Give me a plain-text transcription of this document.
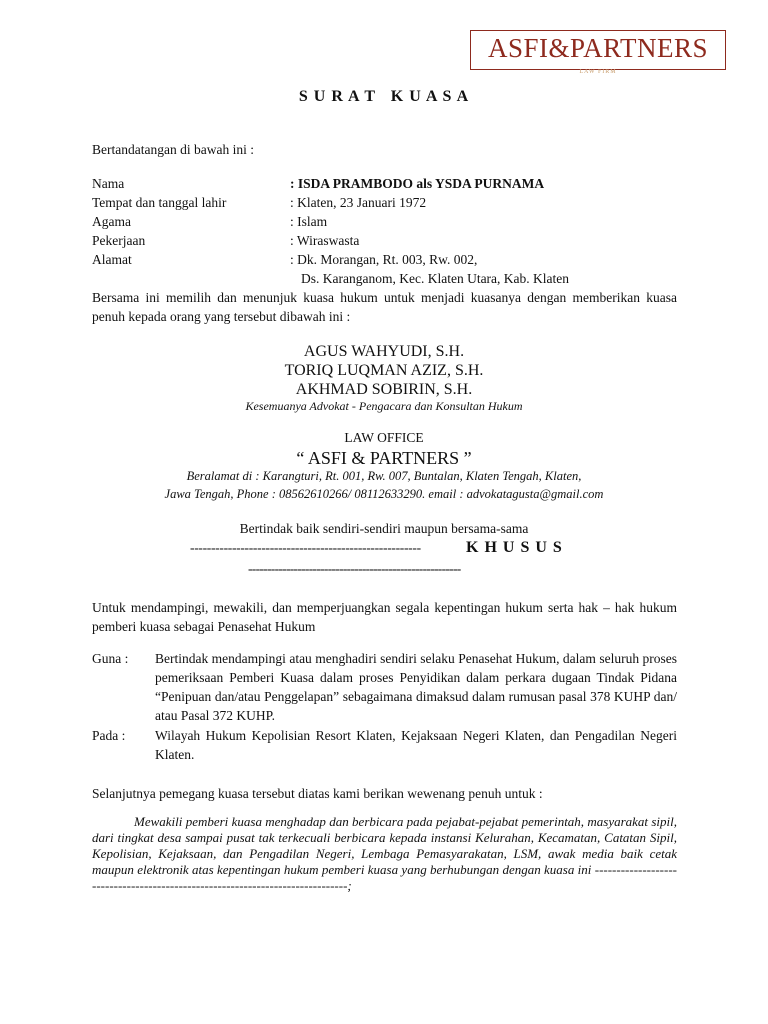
ASFI&PARTNERS
LAW FIRM
S U R A T   K U A S A
Bertandatangan di bawah ini :
Nama	: ISDA PRAMBODO als YSDA PURNAMA
Tempat dan tanggal lahir	: Klaten, 23 Januari 1972
Agama	: Islam
Pekerjaan	: Wiraswasta
Alamat	: Dk. Morangan, Rt. 003, Rw. 002,
Ds. Karanganom, Kec. Klaten Utara, Kab. Klaten
Bersama ini memilih dan menunjuk kuasa hukum untuk menjadi kuasanya dengan memberikan kuasa penuh kepada orang yang tersebut dibawah ini :
AGUS WAHYUDI, S.H.
TORIQ LUQMAN AZIZ, S.H.
AKHMAD SOBIRIN, S.H.
Kesemuanya Advokat - Pengacara dan Konsultan Hukum
LAW OFFICE
“ ASFI & PARTNERS ”
Beralamat di : Karangturi, Rt. 001, Rw. 007, Buntalan, Klaten Tengah, Klaten,
Jawa Tengah, Phone : 08562610266/ 08112633290. email : advokatagusta@gmail.com
Bertindak baik sendiri-sendiri maupun bersama-sama
-------------------------------------------------------	K H U S U S
--------------------------------------------------------
Untuk mendampingi, mewakili, dan memperjuangkan segala kepentingan hukum serta hak – hak hukum pemberi kuasa sebagai Penasehat Hukum
Guna : Bertindak mendampingi atau menghadiri sendiri selaku Penasehat Hukum, dalam seluruh proses pemeriksaan Pemberi Kuasa dalam proses Penyidikan dalam perkara dugaan Tindak Pidana “Penipuan dan/atau Penggelapan” sebagaimana dimaksud dalam rumusan pasal 378 KUHP dan/ atau Pasal 372 KUHP.
Pada : Wilayah Hukum Kepolisian Resort Klaten, Kejaksaan Negeri Klaten, dan Pengadilan Negeri Klaten.
Selanjutnya pemegang kuasa tersebut diatas kami berikan wewenang penuh untuk :
Mewakili pemberi kuasa menghadap dan berbicara pada pejabat-pejabat pemerintah, masyarakat sipil, dari tingkat desa sampai pusat tak terkecuali berbicara kepada instansi Kelurahan, Kecamatan, Catatan Sipil, Kepolisian, Kejaksaan, dan Pengadilan Negeri, Lembaga Pemasyarakatan, LSM, awak media baik cetak maupun elektronik atas kepentingan hukum pemberi kuasa yang berhubungan dengan kuasa ini ------------------------------------------------------------------------------;
